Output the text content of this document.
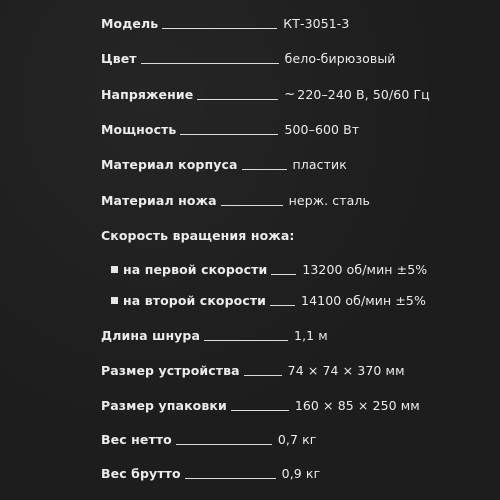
Модель	КТ-3051-3
Цвет	бело-бирюзовый
Напряжение	~ 220–240 В, 50/60 Гц
Мощность	500–600 Вт
Материал корпуса	пластик
Материал ножа	нерж. сталь
Скорость вращения ножа:
на первой скорости	13200 об/мин ±5%
на второй скорости	14100 об/мин ±5%
Длина шнура	1,1 м
Размер устройства	74 × 74 × 370 мм
Размер упаковки	160 × 85 × 250 мм
Вес нетто	0,7 кг
Вес брутто	0,9 кг
